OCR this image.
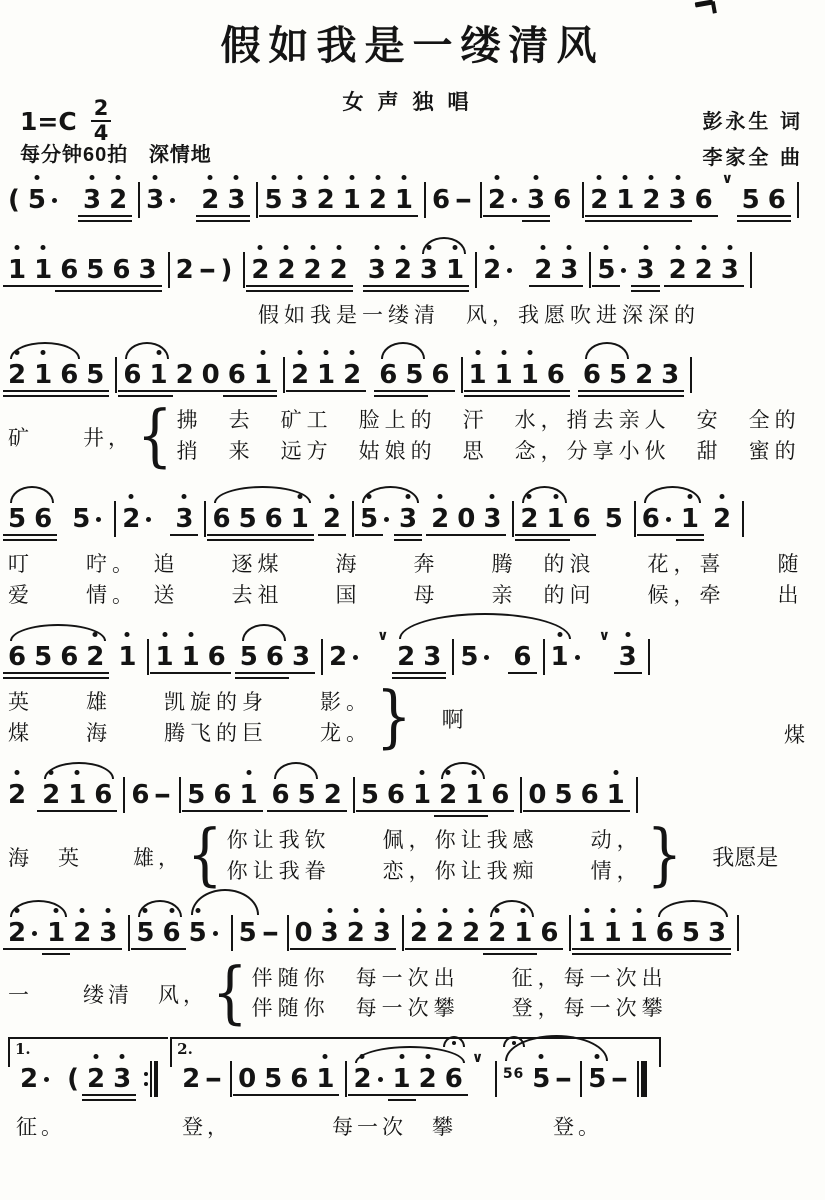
假如我是一缕清风
女声独唱
$1=C \frac{2}{4}$
每分钟60拍 深情地
彭永生 词
李家全 曲
( 5 3 2 3 2 3 5 3 2 1 2 1 6 - 2 3 6 2 1 2 3 6 ∨ 5 6
1 1 6 5 6 3 2 - ) 2 2 2 2 3 2 3 1 2 2 3 5 3 2 2 3
假如我是一缕清　风，我愿吹进深深的
2 1 6 5 6 1 2 0 6 1 2 1 2 6 5 6 1 1 1 6 6 5 2 3
矿　　井， { 拂　去　矿工　脸上的　汗　水，捎去亲人　安　全的
捎　来　远方　姑娘的　思　念，分享小伙　甜　蜜的
5 6 5 2 3 6 5 6 1 2 5 3 2 0 3 2 1 6 5 6 1 2
叮　　咛。　追　　逐煤　　海　　奔　　腾　的浪　　花，喜　　随
爱　　情。　送　　去祖　　国　　母　　亲　的问　　候，牵　　出
6 5 6 2 1 1 1 6 5 6 3 2 ∨ 2 3 5 6 1 ∨ 3
英　　雄　　凯旋的身　　影。
煤　　海　　腾飞的巨　　龙。 } 啊
煤
2 2 1 6 6 - 5 6 1 6 5 2 5 6 1 2 1 6 0 5 6 1
海　英　　雄， { 你让我钦　　佩，你让我感　　动，
你让我眷　　恋，你让我痴　　情， } 我愿是
2 1 2 3 5 6 5 5 - 0 3 2 3 2 2 2 2 1 6 1 1 1 6 5 3
一　　缕清　风， { 伴随你　每一次出　　征，每一次出
伴随你　每一次攀　　登，每一次攀
1.
2 ( 2 3
2.
2 - 0 5 6 1 2 1 2 6 ∨	56 5 - 5 -
征。	登，	每一次　攀	登。
